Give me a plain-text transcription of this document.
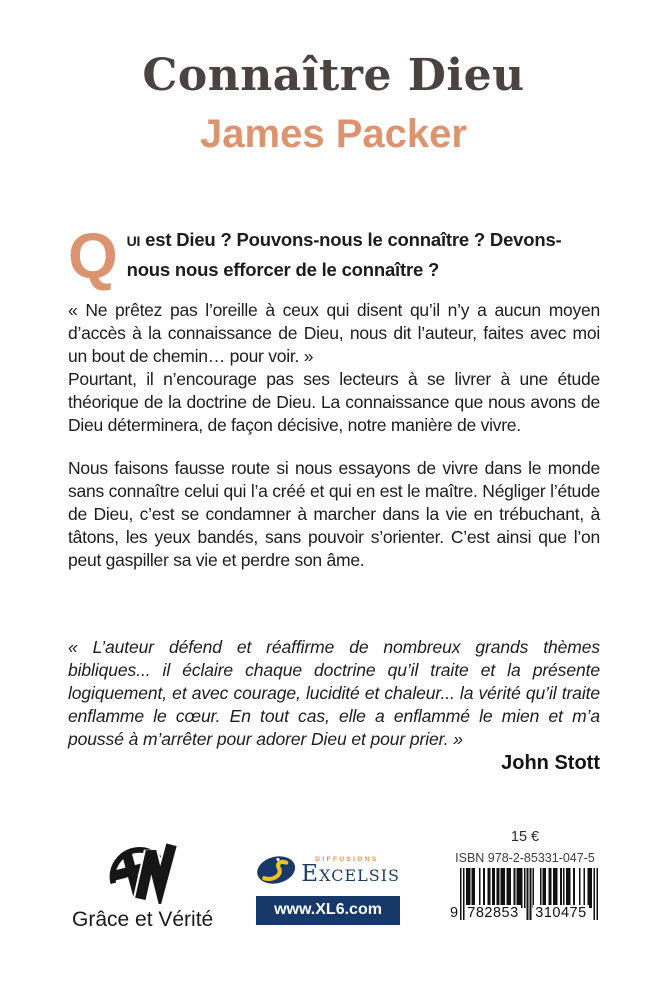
Connaître Dieu
James Packer
QUI est Dieu ? Pouvons-nous le connaître ? Devons-nous nous efforcer de le connaître ?

« Ne prêtez pas l’oreille à ceux qui disent qu’il n’y a aucun moyen d’accès à la connaissance de Dieu, nous dit l’auteur, faites avec moi un bout de chemin… pour voir. »

Pourtant, il n’encourage pas ses lecteurs à se livrer à une étude théorique de la doctrine de Dieu. La connaissance que nous avons de Dieu déterminera, de façon décisive, notre manière de vivre.

Nous faisons fausse route si nous essayons de vivre dans le monde sans connaître celui qui l’a créé et qui en est le maître. Négliger l’étude de Dieu, c’est se condamner à marcher dans la vie en trébuchant, à tâtons, les yeux bandés, sans pouvoir s’orienter. C’est ainsi que l’on peut gaspiller sa vie et perdre son âme.

« L’auteur défend et réaffirme de nombreux grands thèmes bibliques... il éclaire chaque doctrine qu’il traite et la présente logiquement, et avec courage, lucidité et chaleur... la vérité qu’il traite enflamme le cœur. En tout cas, elle a enflammé le mien et m’a poussé à m’arrêter pour adorer Dieu et pour prier. »
John Stott
Grâce et Vérité
DIFFUSIONS
Excelsis
www.XL6.com
15 €
ISBN 978-2-85331-047-5
9 782853 310475
